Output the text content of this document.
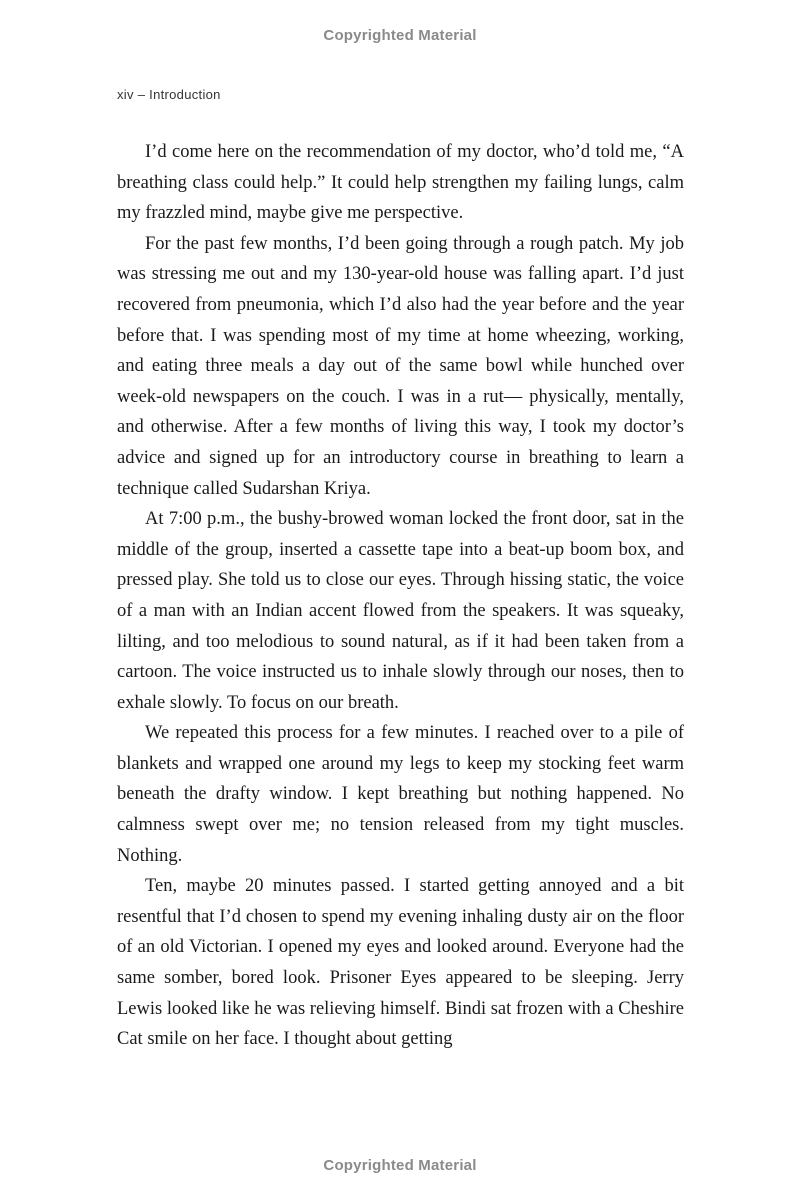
Copyrighted Material
xiv – Introduction

I’d come here on the recommendation of my doctor, who’d told me, “A breathing class could help.” It could help strengthen my failing lungs, calm my frazzled mind, maybe give me perspective.

For the past few months, I’d been going through a rough patch. My job was stressing me out and my 130-year-old house was falling apart. I’d just recovered from pneumonia, which I’d also had the year before and the year before that. I was spending most of my time at home wheezing, working, and eating three meals a day out of the same bowl while hunched over week-old newspapers on the couch. I was in a rut— physically, mentally, and otherwise. After a few months of living this way, I took my doctor’s advice and signed up for an introductory course in breathing to learn a technique called Sudarshan Kriya.

At 7:00 p.m., the bushy-browed woman locked the front door, sat in the middle of the group, inserted a cassette tape into a beat-up boom box, and pressed play. She told us to close our eyes. Through hissing static, the voice of a man with an Indian accent flowed from the speakers. It was squeaky, lilting, and too melodious to sound natural, as if it had been taken from a cartoon. The voice instructed us to inhale slowly through our noses, then to exhale slowly. To focus on our breath.

We repeated this process for a few minutes. I reached over to a pile of blankets and wrapped one around my legs to keep my stocking feet warm beneath the drafty window. I kept breathing but nothing happened. No calmness swept over me; no tension released from my tight muscles. Nothing.

Ten, maybe 20 minutes passed. I started getting annoyed and a bit resentful that I’d chosen to spend my evening inhaling dusty air on the floor of an old Victorian. I opened my eyes and looked around. Everyone had the same somber, bored look. Prisoner Eyes appeared to be sleeping. Jerry Lewis looked like he was relieving himself. Bindi sat frozen with a Cheshire Cat smile on her face. I thought about getting

Copyrighted Material
